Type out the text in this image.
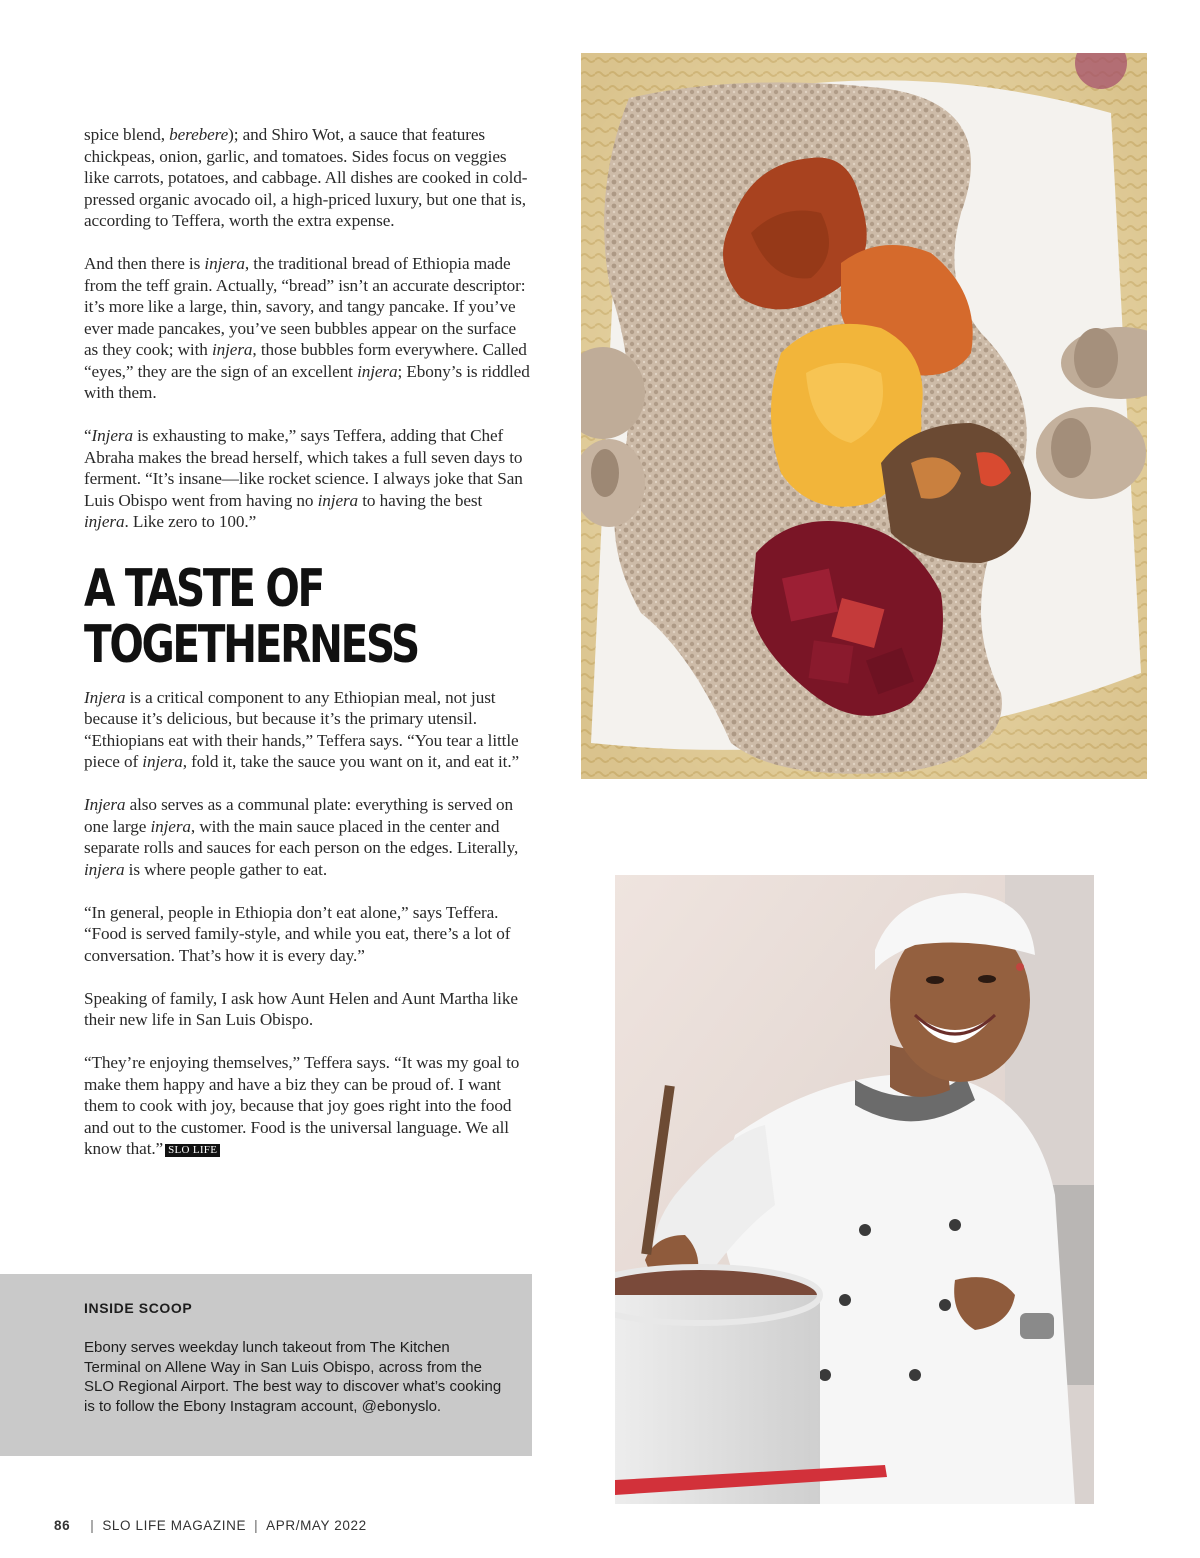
spice blend, berebere); and Shiro Wot, a sauce that features chickpeas, onion, garlic, and tomatoes. Sides focus on veggies like carrots, potatoes, and cabbage. All dishes are cooked in cold-pressed organic avocado oil, a high-priced luxury, but one that is, according to Teffera, worth the extra expense.

And then there is injera, the traditional bread of Ethiopia made from the teff grain. Actually, “bread” isn’t an accurate descriptor: it’s more like a large, thin, savory, and tangy pancake. If you’ve ever made pancakes, you’ve seen bubbles appear on the surface as they cook; with injera, those bubbles form everywhere. Called “eyes,” they are the sign of an excellent injera; Ebony’s is riddled with them.

“Injera is exhausting to make,” says Teffera, adding that Chef Abraha makes the bread herself, which takes a full seven days to ferment. “It’s insane—like rocket science. I always joke that San Luis Obispo went from having no injera to having the best injera. Like zero to 100.”

A TASTE OF
TOGETHERNESS

Injera is a critical component to any Ethiopian meal, not just because it’s delicious, but because it’s the primary utensil. “Ethiopians eat with their hands,” Teffera says. “You tear a little piece of injera, fold it, take the sauce you want on it, and eat it.”

Injera also serves as a communal plate: everything is served on one large injera, with the main sauce placed in the center and separate rolls and sauces for each person on the edges. Literally, injera is where people gather to eat.

“In general, people in Ethiopia don’t eat alone,” says Teffera. “Food is served family-style, and while you eat, there’s a lot of conversation. That’s how it is every day.”

Speaking of family, I ask how Aunt Helen and Aunt Martha like their new life in San Luis Obispo.

“They’re enjoying themselves,” Teffera says. “It was my goal to make them happy and have a biz they can be proud of. I want them to cook with joy, because that joy goes right into the food and out to the customer. Food is the universal language. We all know that.” SLO LIFE

INSIDE SCOOP

Ebony serves weekday lunch takeout from The Kitchen Terminal on Allene Way in San Luis Obispo, across from the SLO Regional Airport. The best way to discover what’s cooking is to follow the Ebony Instagram account, @ebonyslo.

86 | SLO LIFE MAGAZINE | APR/MAY 2022
